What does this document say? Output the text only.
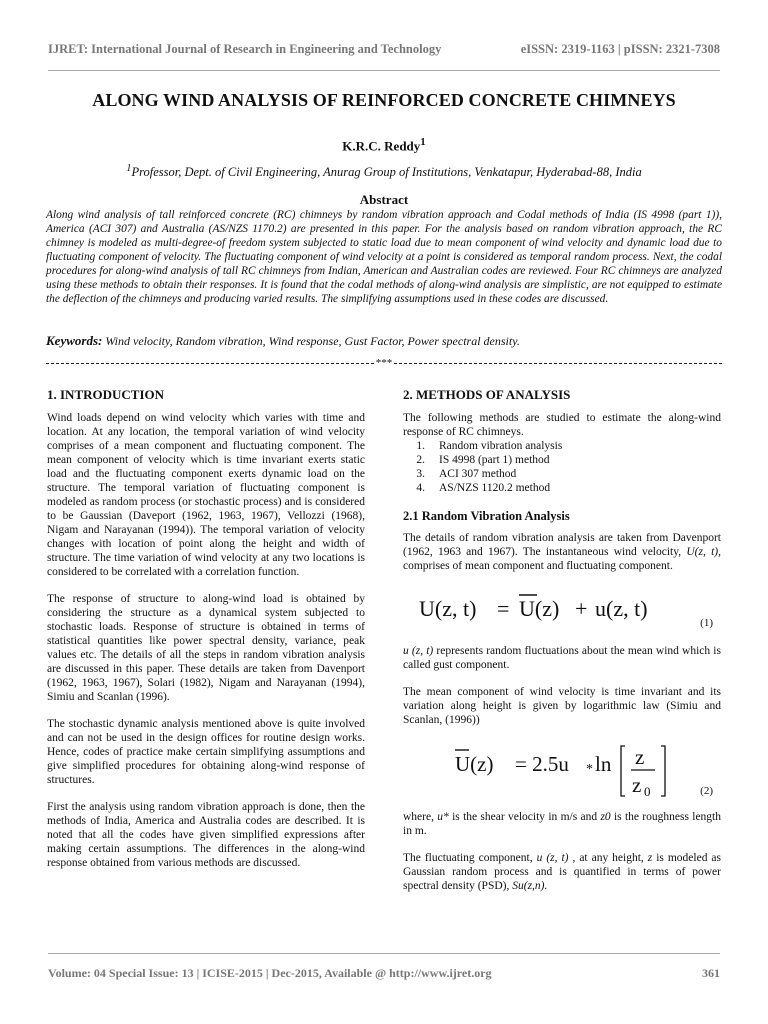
IJRET: International Journal of Research in Engineering and Technology	eISSN: 2319-1163 | pISSN: 2321-7308
ALONG WIND ANALYSIS OF REINFORCED CONCRETE CHIMNEYS
K.R.C. Reddy$^1$
$^1$Professor, Dept. of Civil Engineering, Anurag Group of Institutions, Venkatapur, Hyderabad-88, India
Abstract
Along wind analysis of tall reinforced concrete (RC) chimneys by random vibration approach and Codal methods of India (IS 4998 (part 1)), America (ACI 307) and Australia (AS/NZS 1170.2) are presented in this paper. For the analysis based on random vibration approach, the RC chimney is modeled as multi-degree-of freedom system subjected to static load due to mean component of wind velocity and dynamic load due to fluctuating component of velocity. The fluctuating component of wind velocity at a point is considered as temporal random process. Next, the codal procedures for along-wind analysis of tall RC chimneys from Indian, American and Australian codes are reviewed. Four RC chimneys are analyzed using these methods to obtain their responses. It is found that the codal methods of along-wind analysis are simplistic, are not equipped to estimate the deflection of the chimneys and producing varied results. The simplifying assumptions used in these codes are discussed.
Keywords: Wind velocity, Random vibration, Wind response, Gust Factor, Power spectral density.
***
1. INTRODUCTION

Wind loads depend on wind velocity which varies with time and location. At any location, the temporal variation of wind velocity comprises of a mean component and fluctuating component. The mean component of velocity which is time invariant exerts static load and the fluctuating component exerts dynamic load on the structure. The temporal variation of fluctuating component is modeled as random process (or stochastic process) and is considered to be Gaussian (Daveport (1962, 1963, 1967), Vellozzi (1968), Nigam and Narayanan (1994)). The temporal variation of velocity changes with location of point along the height and width of structure. The time variation of wind velocity at any two locations is considered to be correlated with a correlation function.

The response of structure to along-wind load is obtained by considering the structure as a dynamical system subjected to stochastic loads. Response of structure is obtained in terms of statistical quantities like power spectral density, variance, peak values etc. The details of all the steps in random vibration analysis are discussed in this paper. These details are taken from Davenport (1962, 1963, 1967), Solari (1982), Nigam and Narayanan (1994), Simiu and Scanlan (1996).

The stochastic dynamic analysis mentioned above is quite involved and can not be used in the design offices for routine design works. Hence, codes of practice make certain simplifying assumptions and give simplified procedures for obtaining along-wind response of structures.

First the analysis using random vibration approach is done, then the methods of India, America and Australia codes are described. It is noted that all the codes have given simplified expressions after making certain assumptions. The differences in the along-wind response obtained from various methods are discussed.

2. METHODS OF ANALYSIS
The following methods are studied to estimate the along-wind response of RC chimneys.
1. Random vibration analysis
2. IS 4998 (part 1) method
3. ACI 307 method
4. AS/NZS 1120.2 method
2.1 Random Vibration Analysis

The details of random vibration analysis are taken from Davenport (1962, 1963 and 1967). The instantaneous wind velocity, U(z, t), comprises of mean component and fluctuating component.

U(z, t) = U(z) + u(z, t)
(1)

u (z, t) represents random fluctuations about the mean wind which is called gust component.

The mean component of wind velocity is time invariant and its variation along height is given by logarithmic law (Simiu and Scanlan, (1996))

U(z) = 2.5u * ln z
z 0	(2)

where, u* is the shear velocity in m/s and z0 is the roughness length in m.

The fluctuating component, u (z, t) , at any height, z is modeled as Gaussian random process and is quantified in terms of power spectral density (PSD), Su(z,n).

Volume: 04 Special Issue: 13 | ICISE-2015 | Dec-2015, Available @ http://www.ijret.org	361
